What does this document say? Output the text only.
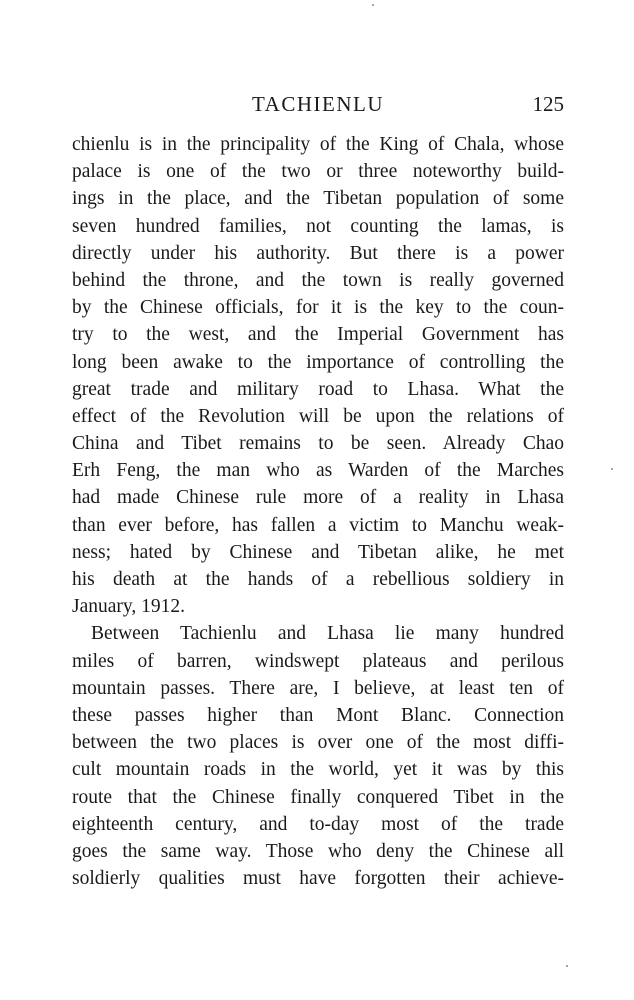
TACHIENLU	125
chienlu is in the principality of the King of Chala, whose
palace is one of the two or three noteworthy build-
ings in the place, and the Tibetan population of some
seven hundred families, not counting the lamas, is
directly under his authority. But there is a power
behind the throne, and the town is really governed
by the Chinese officials, for it is the key to the coun-
try to the west, and the Imperial Government has
long been awake to the importance of controlling the
great trade and military road to Lhasa. What the
effect of the Revolution will be upon the relations of
China and Tibet remains to be seen. Already Chao
Erh Feng, the man who as Warden of the Marches
had made Chinese rule more of a reality in Lhasa
than ever before, has fallen a victim to Manchu weak-
ness; hated by Chinese and Tibetan alike, he met
his death at the hands of a rebellious soldiery in
January, 1912.
Between Tachienlu and Lhasa lie many hundred
miles of barren, windswept plateaus and perilous
mountain passes. There are, I believe, at least ten of
these passes higher than Mont Blanc. Connection
between the two places is over one of the most diffi-
cult mountain roads in the world, yet it was by this
route that the Chinese finally conquered Tibet in the
eighteenth century, and to-day most of the trade
goes the same way. Those who deny the Chinese all
soldierly qualities must have forgotten their achieve-
